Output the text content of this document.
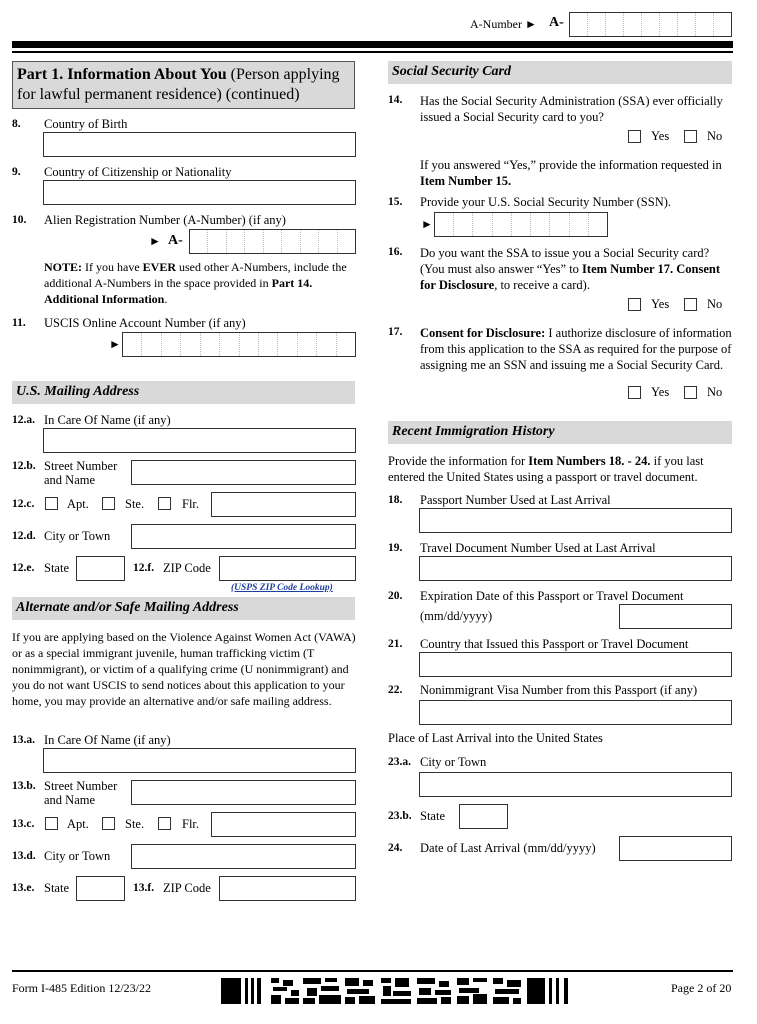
A-Number ► A-
Part 1. Information About You (Person applying for lawful permanent residence) (continued)
8. Country of Birth
9. Country of Citizenship or Nationality
10. Alien Registration Number (A-Number) (if any)
► A-
NOTE: If you have EVER used other A-Numbers, include the additional A-Numbers in the space provided in Part 14. Additional Information.
11. USCIS Online Account Number (if any)
►
U.S. Mailing Address
12.a. In Care Of Name (if any)
12.b. Street Number
and Name
12.c.	Apt.	Ste.	Flr.
12.d. City or Town
12.e. State	12.f. ZIP Code
(USPS ZIP Code Lookup)
Alternate and/or Safe Mailing Address
If you are applying based on the Violence Against Women Act (VAWA) or as a special immigrant juvenile, human trafficking victim (T nonimmigrant), or victim of a qualifying crime (U nonimmigrant) and you do not want USCIS to send notices about this application to your home, you may provide an alternative and/or safe mailing address.
13.a. In Care Of Name (if any)
13.b. Street Number
and Name
13.c.	Apt.	Ste.	Flr.
13.d. City or Town
13.e. State	13.f. ZIP Code
Social Security Card
14. Has the Social Security Administration (SSA) ever officially issued a Social Security card to you?
Yes	No
If you answered “Yes,” provide the information requested in Item Number 15.
15. Provide your U.S. Social Security Number (SSN).
►
16. Do you want the SSA to issue you a Social Security card? (You must also answer “Yes” to Item Number 17. Consent for Disclosure, to receive a card).
Yes	No
17. Consent for Disclosure: I authorize disclosure of information from this application to the SSA as required for the purpose of assigning me an SSN and issuing me a Social Security Card.
Yes	No
Recent Immigration History
Provide the information for Item Numbers 18. - 24. if you last entered the United States using a passport or travel document.
18. Passport Number Used at Last Arrival
19. Travel Document Number Used at Last Arrival
20. Expiration Date of this Passport or Travel Document
(mm/dd/yyyy)
21. Country that Issued this Passport or Travel Document
22. Nonimmigrant Visa Number from this Passport (if any)
Place of Last Arrival into the United States
23.a. City or Town
23.b. State
24. Date of Last Arrival (mm/dd/yyyy)
Form I-485 Edition 12/23/22	Page 2 of 20
